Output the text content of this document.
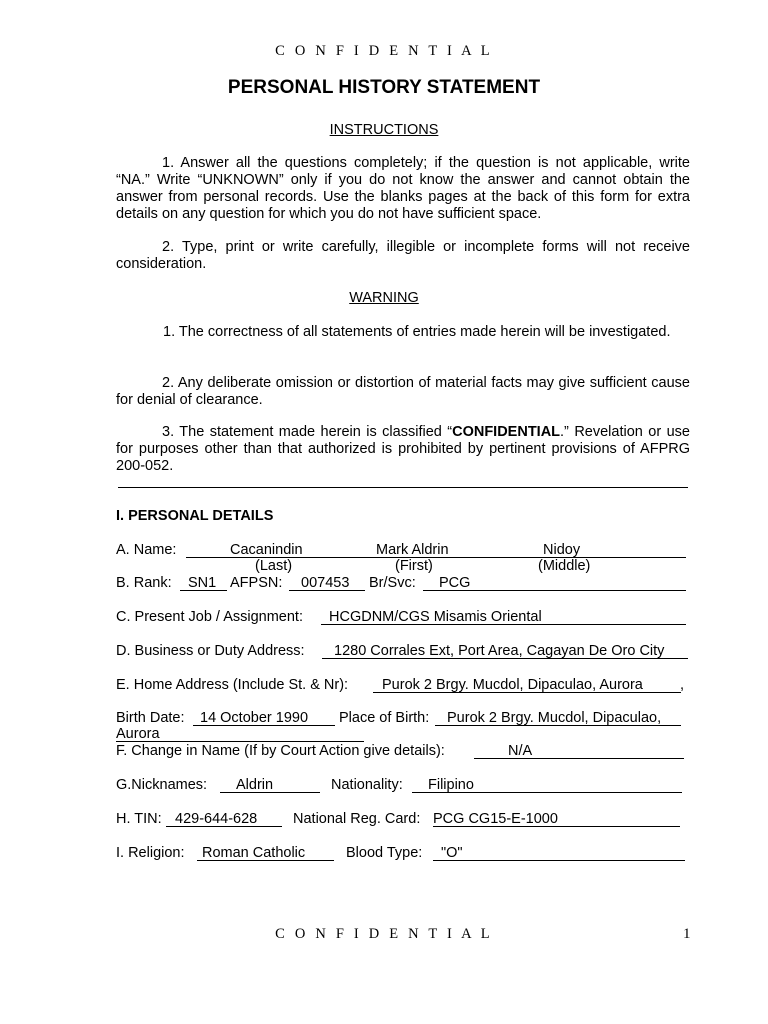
C O N F I D E N T I A L
PERSONAL HISTORY STATEMENT
INSTRUCTIONS

1. Answer all the questions completely; if the question is not applicable, write “NA.” Write “UNKNOWN” only if you do not know the answer and cannot obtain the answer from personal records. Use the blanks pages at the back of this form for extra details on any question for which you do not have sufficient space.

2. Type, print or write carefully, illegible or incomplete forms will not receive consideration.

WARNING

1. The correctness of all statements of entries made herein will be investigated.

2. Any deliberate omission or distortion of material facts may give sufficient cause for denial of clearance.

3. The statement made herein is classified “CONFIDENTIAL.” Revelation or use for purposes other than that authorized is prohibited by pertinent provisions of AFPRG 200-052.

I. PERSONAL DETAILS
A. Name:	Cacanindin	Mark Aldrin	Nidoy
(Last)	(First)	(Middle)
B. Rank: SN1 AFPSN: 007453 Br/Svc: PCG
C. Present Job / Assignment: HCGDNM/CGS Misamis Oriental
D. Business or Duty Address: 1280 Corrales Ext, Port Area, Cagayan De Oro City
E. Home Address (Include St. & Nr): Purok 2 Brgy. Mucdol, Dipaculao, Aurora	,
Birth Date: 14 October 1990 Place of Birth: Purok 2 Brgy. Mucdol, Dipaculao,
Aurora
F. Change in Name (If by Court Action give details):	N/A
G.Nicknames: Aldrin	Nationality: Filipino
H. TIN: 429-644-628 National Reg. Card: PCG CG15-E-1000
I. Religion: Roman Catholic	Blood Type: "O"
C O N F I D E N T I A L	1
